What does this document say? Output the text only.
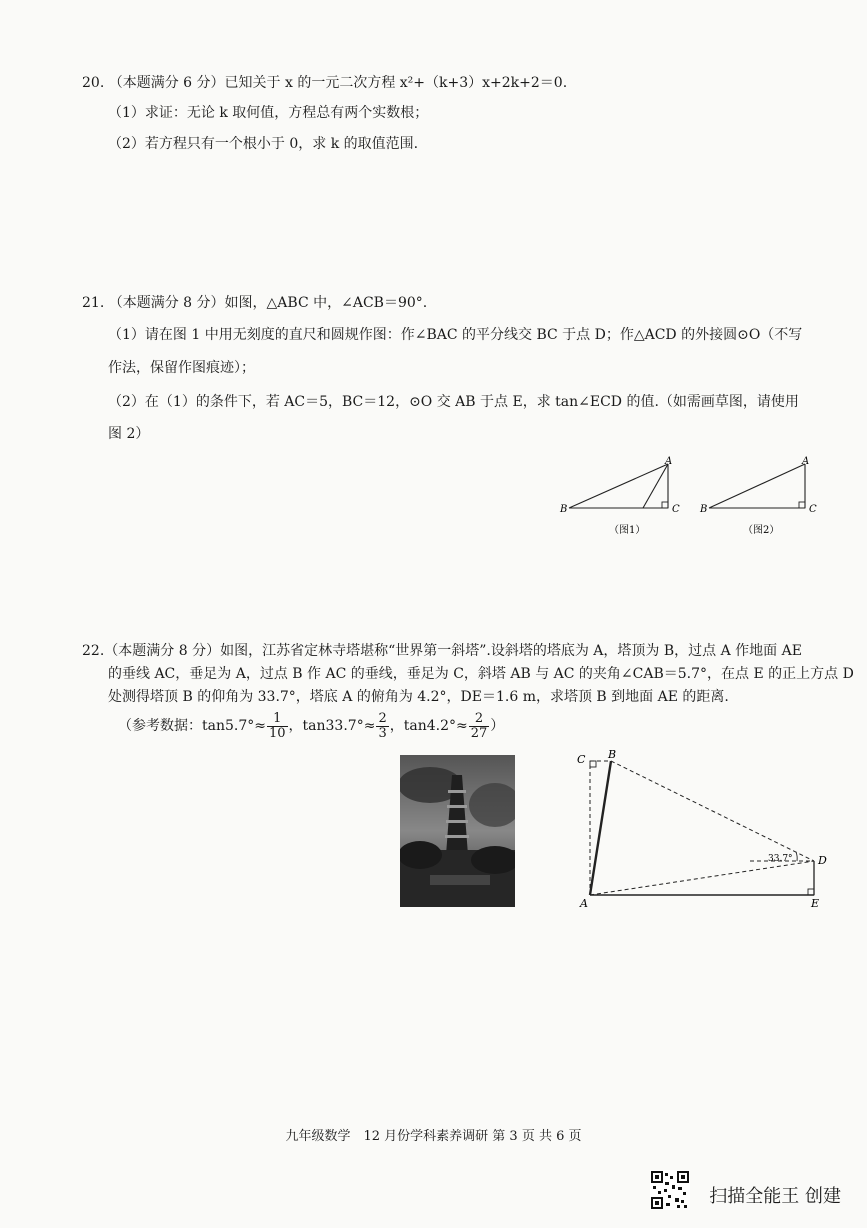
20. （本题满分 6 分）已知关于 x 的一元二次方程 x²+（k+3）x+2k+2＝0.
（1）求证：无论 k 取何值，方程总有两个实数根；
（2）若方程只有一个根小于 0，求 k 的取值范围.
21. （本题满分 8 分）如图，△ABC 中，∠ACB＝90°.
（1）请在图 1 中用无刻度的直尺和圆规作图：作∠BAC 的平分线交 BC 于点 D；作△ACD 的外接圆⊙O（不写
作法，保留作图痕迹）；
（2）在（1）的条件下，若 AC＝5，BC＝12，⊙O 交 AB 于点 E，求 tan∠ECD 的值.（如需画草图，请使用
图 2）
A
B	C
（图1）
A
B	C
（图2）
22.（本题满分 8 分）如图，江苏省定林寺塔堪称“世界第一斜塔”.设斜塔的塔底为 A，塔顶为 B，过点 A 作地面 AE
的垂线 AC，垂足为 A，过点 B 作 AC 的垂线，垂足为 C，斜塔 AB 与 AC 的夹角∠CAB＝5.7°，在点 E 的正上方点 D
处测得塔顶 B 的仰角为 33.7°，塔底 A 的俯角为 4.2°，DE＝1.6 m，求塔顶 B 到地面 AE 的距离.
（参考数据：$\tan 5.7^\circ\approx \frac{1}{10}$ ，$\tan 33.7^\circ\approx \frac{2}{3}$ ，$\tan 4.2^\circ\approx \frac{2}{27}$ ）
33.7°
C B
A
D
E
九年级数学　12 月份学科素养调研 第 3 页 共 6 页
扫描全能王 创建
